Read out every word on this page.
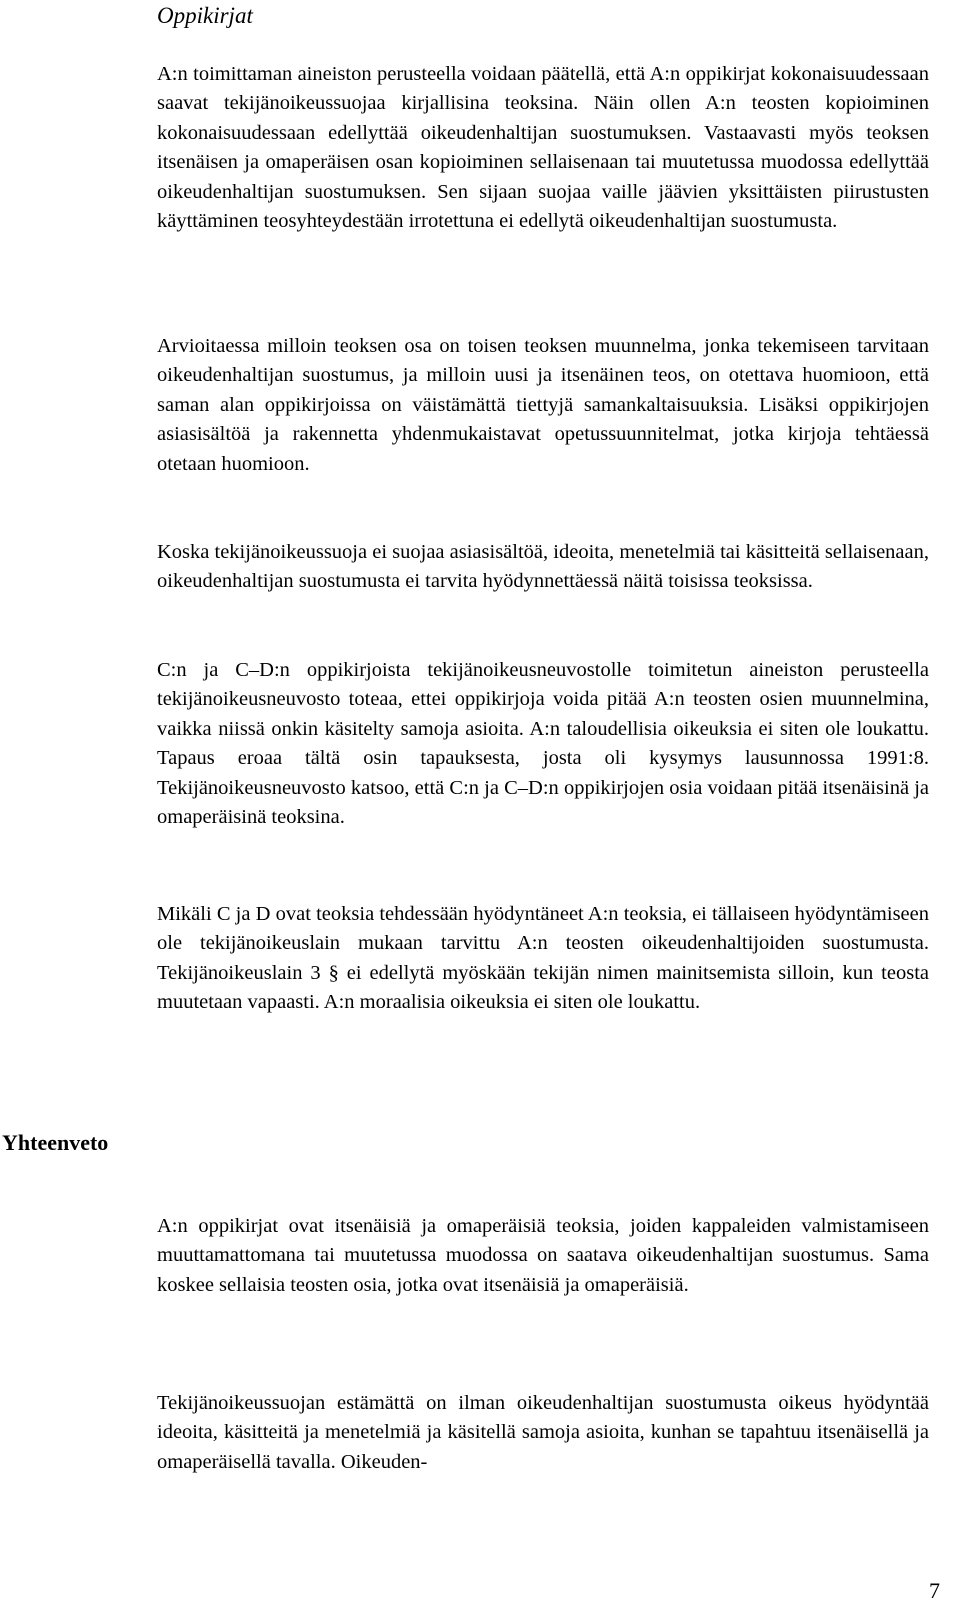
Oppikirjat

A:n toimittaman aineiston perusteella voidaan päätellä, että A:n oppikirjat kokonaisuudessaan saavat tekijänoikeussuojaa kirjallisina teoksina. Näin ollen A:n teosten kopioiminen kokonaisuudessaan edellyttää oikeudenhaltijan suostumuksen. Vastaavasti myös teoksen itsenäisen ja omaperäisen osan kopioiminen sellaisenaan tai muutetussa muodossa edellyttää oikeudenhaltijan suostumuksen. Sen sijaan suojaa vaille jäävien yksittäisten piirustusten käyttäminen teosyhteydestään irrotettuna ei edellytä oikeudenhaltijan suostumusta.

Arvioitaessa milloin teoksen osa on toisen teoksen muunnelma, jonka tekemiseen tarvitaan oikeudenhaltijan suostumus, ja milloin uusi ja itsenäinen teos, on otettava huomioon, että saman alan oppikirjoissa on väistämättä tiettyjä samankaltaisuuksia. Lisäksi oppikirjojen asiasisältöä ja rakennetta yhdenmukaistavat opetussuunnitelmat, jotka kirjoja tehtäessä otetaan huomioon.

Koska tekijänoikeussuoja ei suojaa asiasisältöä, ideoita, menetelmiä tai käsitteitä sellaisenaan, oikeudenhaltijan suostumusta ei tarvita hyödynnettäessä näitä toisissa teoksissa.

C:n ja C–D:n oppikirjoista tekijänoikeusneuvostolle toimitetun aineiston perusteella tekijänoikeusneuvosto toteaa, ettei oppikirjoja voida pitää A:n teosten osien muunnelmina, vaikka niissä onkin käsitelty samoja asioita. A:n taloudellisia oikeuksia ei siten ole loukattu. Tapaus eroaa tältä osin tapauksesta, josta oli kysymys lausunnossa 1991:8. Tekijänoikeusneuvosto katsoo, että C:n ja C–D:n oppikirjojen osia voidaan pitää itsenäisinä ja omaperäisinä teoksina.

Mikäli C ja D ovat teoksia tehdessään hyödyntäneet A:n teoksia, ei tällaiseen hyödyntämiseen ole tekijänoikeuslain mukaan tarvittu A:n teosten oikeudenhaltijoiden suostumusta. Tekijänoikeuslain 3 § ei edellytä myöskään tekijän nimen mainitsemista silloin, kun teosta muutetaan vapaasti. A:n moraalisia oikeuksia ei siten ole loukattu.

Yhteenveto

A:n oppikirjat ovat itsenäisiä ja omaperäisiä teoksia, joiden kappaleiden valmistamiseen muuttamattomana tai muutetussa muodossa on saatava oikeudenhaltijan suostumus. Sama koskee sellaisia teosten osia, jotka ovat itsenäisiä ja omaperäisiä.

Tekijänoikeussuojan estämättä on ilman oikeudenhaltijan suostumusta oikeus hyödyntää ideoita, käsitteitä ja menetelmiä ja käsitellä samoja asioita, kunhan se tapahtuu itsenäisellä ja omaperäisellä tavalla. Oikeuden-

7
